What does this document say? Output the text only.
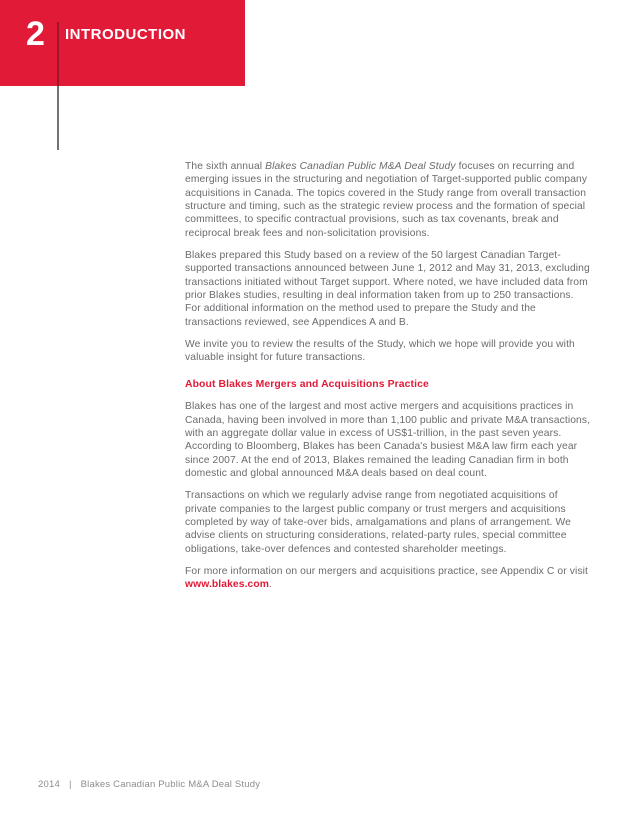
2 INTRODUCTION

The sixth annual Blakes Canadian Public M&A Deal Study focuses on recurring and emerging issues in the structuring and negotiation of Target-supported public company acquisitions in Canada. The topics covered in the Study range from overall transaction structure and timing, such as the strategic review process and the formation of special committees, to specific contractual provisions, such as tax covenants, break and reciprocal break fees and non-solicitation provisions.

Blakes prepared this Study based on a review of the 50 largest Canadian Target-supported transactions announced between June 1, 2012 and May 31, 2013, excluding transactions initiated without Target support. Where noted, we have included data from prior Blakes studies, resulting in deal information taken from up to 250 transactions. For additional information on the method used to prepare the Study and the transactions reviewed, see Appendices A and B.

We invite you to review the results of the Study, which we hope will provide you with valuable insight for future transactions.

About Blakes Mergers and Acquisitions Practice

Blakes has one of the largest and most active mergers and acquisitions practices in Canada, having been involved in more than 1,100 public and private M&A transactions, with an aggregate dollar value in excess of US$1-trillion, in the past seven years. According to Bloomberg, Blakes has been Canada's busiest M&A law firm each year since 2007. At the end of 2013, Blakes remained the leading Canadian firm in both domestic and global announced M&A deals based on deal count.

Transactions on which we regularly advise range from negotiated acquisitions of private companies to the largest public company or trust mergers and acquisitions completed by way of take-over bids, amalgamations and plans of arrangement. We advise clients on structuring considerations, related-party rules, special committee obligations, take-over defences and contested shareholder meetings.

For more information on our mergers and acquisitions practice, see Appendix C or visit www.blakes.com.

2014 | Blakes Canadian Public M&A Deal Study
